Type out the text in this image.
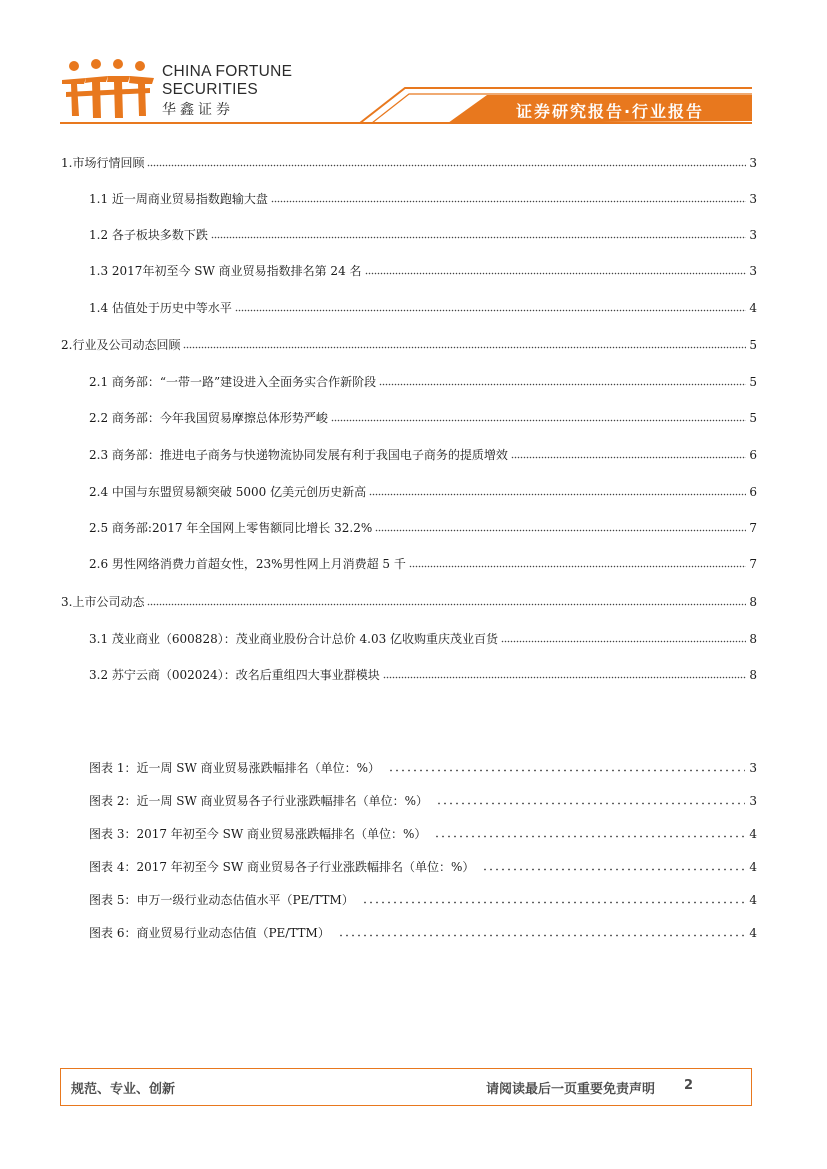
CHINA FORTUNE
SECURITIES
华鑫证券	证券研究报告·行业报告
1.市场行情回顾	3
1.1 近一周商业贸易指数跑输大盘	3
1.2 各子板块多数下跌	3
1.3 2017年初至今 SW 商业贸易指数排名第 24 名	3
1.4 估值处于历史中等水平	4
2.行业及公司动态回顾	5
2.1 商务部：“一带一路”建设进入全面务实合作新阶段	5
2.2 商务部：今年我国贸易摩擦总体形势严峻	5
2.3 商务部：推进电子商务与快递物流协同发展有利于我国电子商务的提质增效	6
2.4 中国与东盟贸易额突破 5000 亿美元创历史新高	6
2.5 商务部:2017 年全国网上零售额同比增长 32.2%	7
2.6 男性网络消费力首超女性，23%男性网上月消费超 5 千	7
3.上市公司动态	8
3.1 茂业商业（600828）：茂业商业股份合计总价 4.03 亿收购重庆茂业百货	8
3.2 苏宁云商（002024）：改名后重组四大事业群模块	8
图表 1：近一周 SW 商业贸易涨跌幅排名（单位：%）	3
图表 2：近一周 SW 商业贸易各子行业涨跌幅排名（单位：%）	3
图表 3：2017 年初至今 SW 商业贸易涨跌幅排名（单位：%）	4
图表 4：2017 年初至今 SW 商业贸易各子行业涨跌幅排名（单位：%）	4
图表 5：申万一级行业动态估值水平（PE/TTM）	4
图表 6：商业贸易行业动态估值（PE/TTM）	4
规范、专业、创新	请阅读最后一页重要免责声明 2
